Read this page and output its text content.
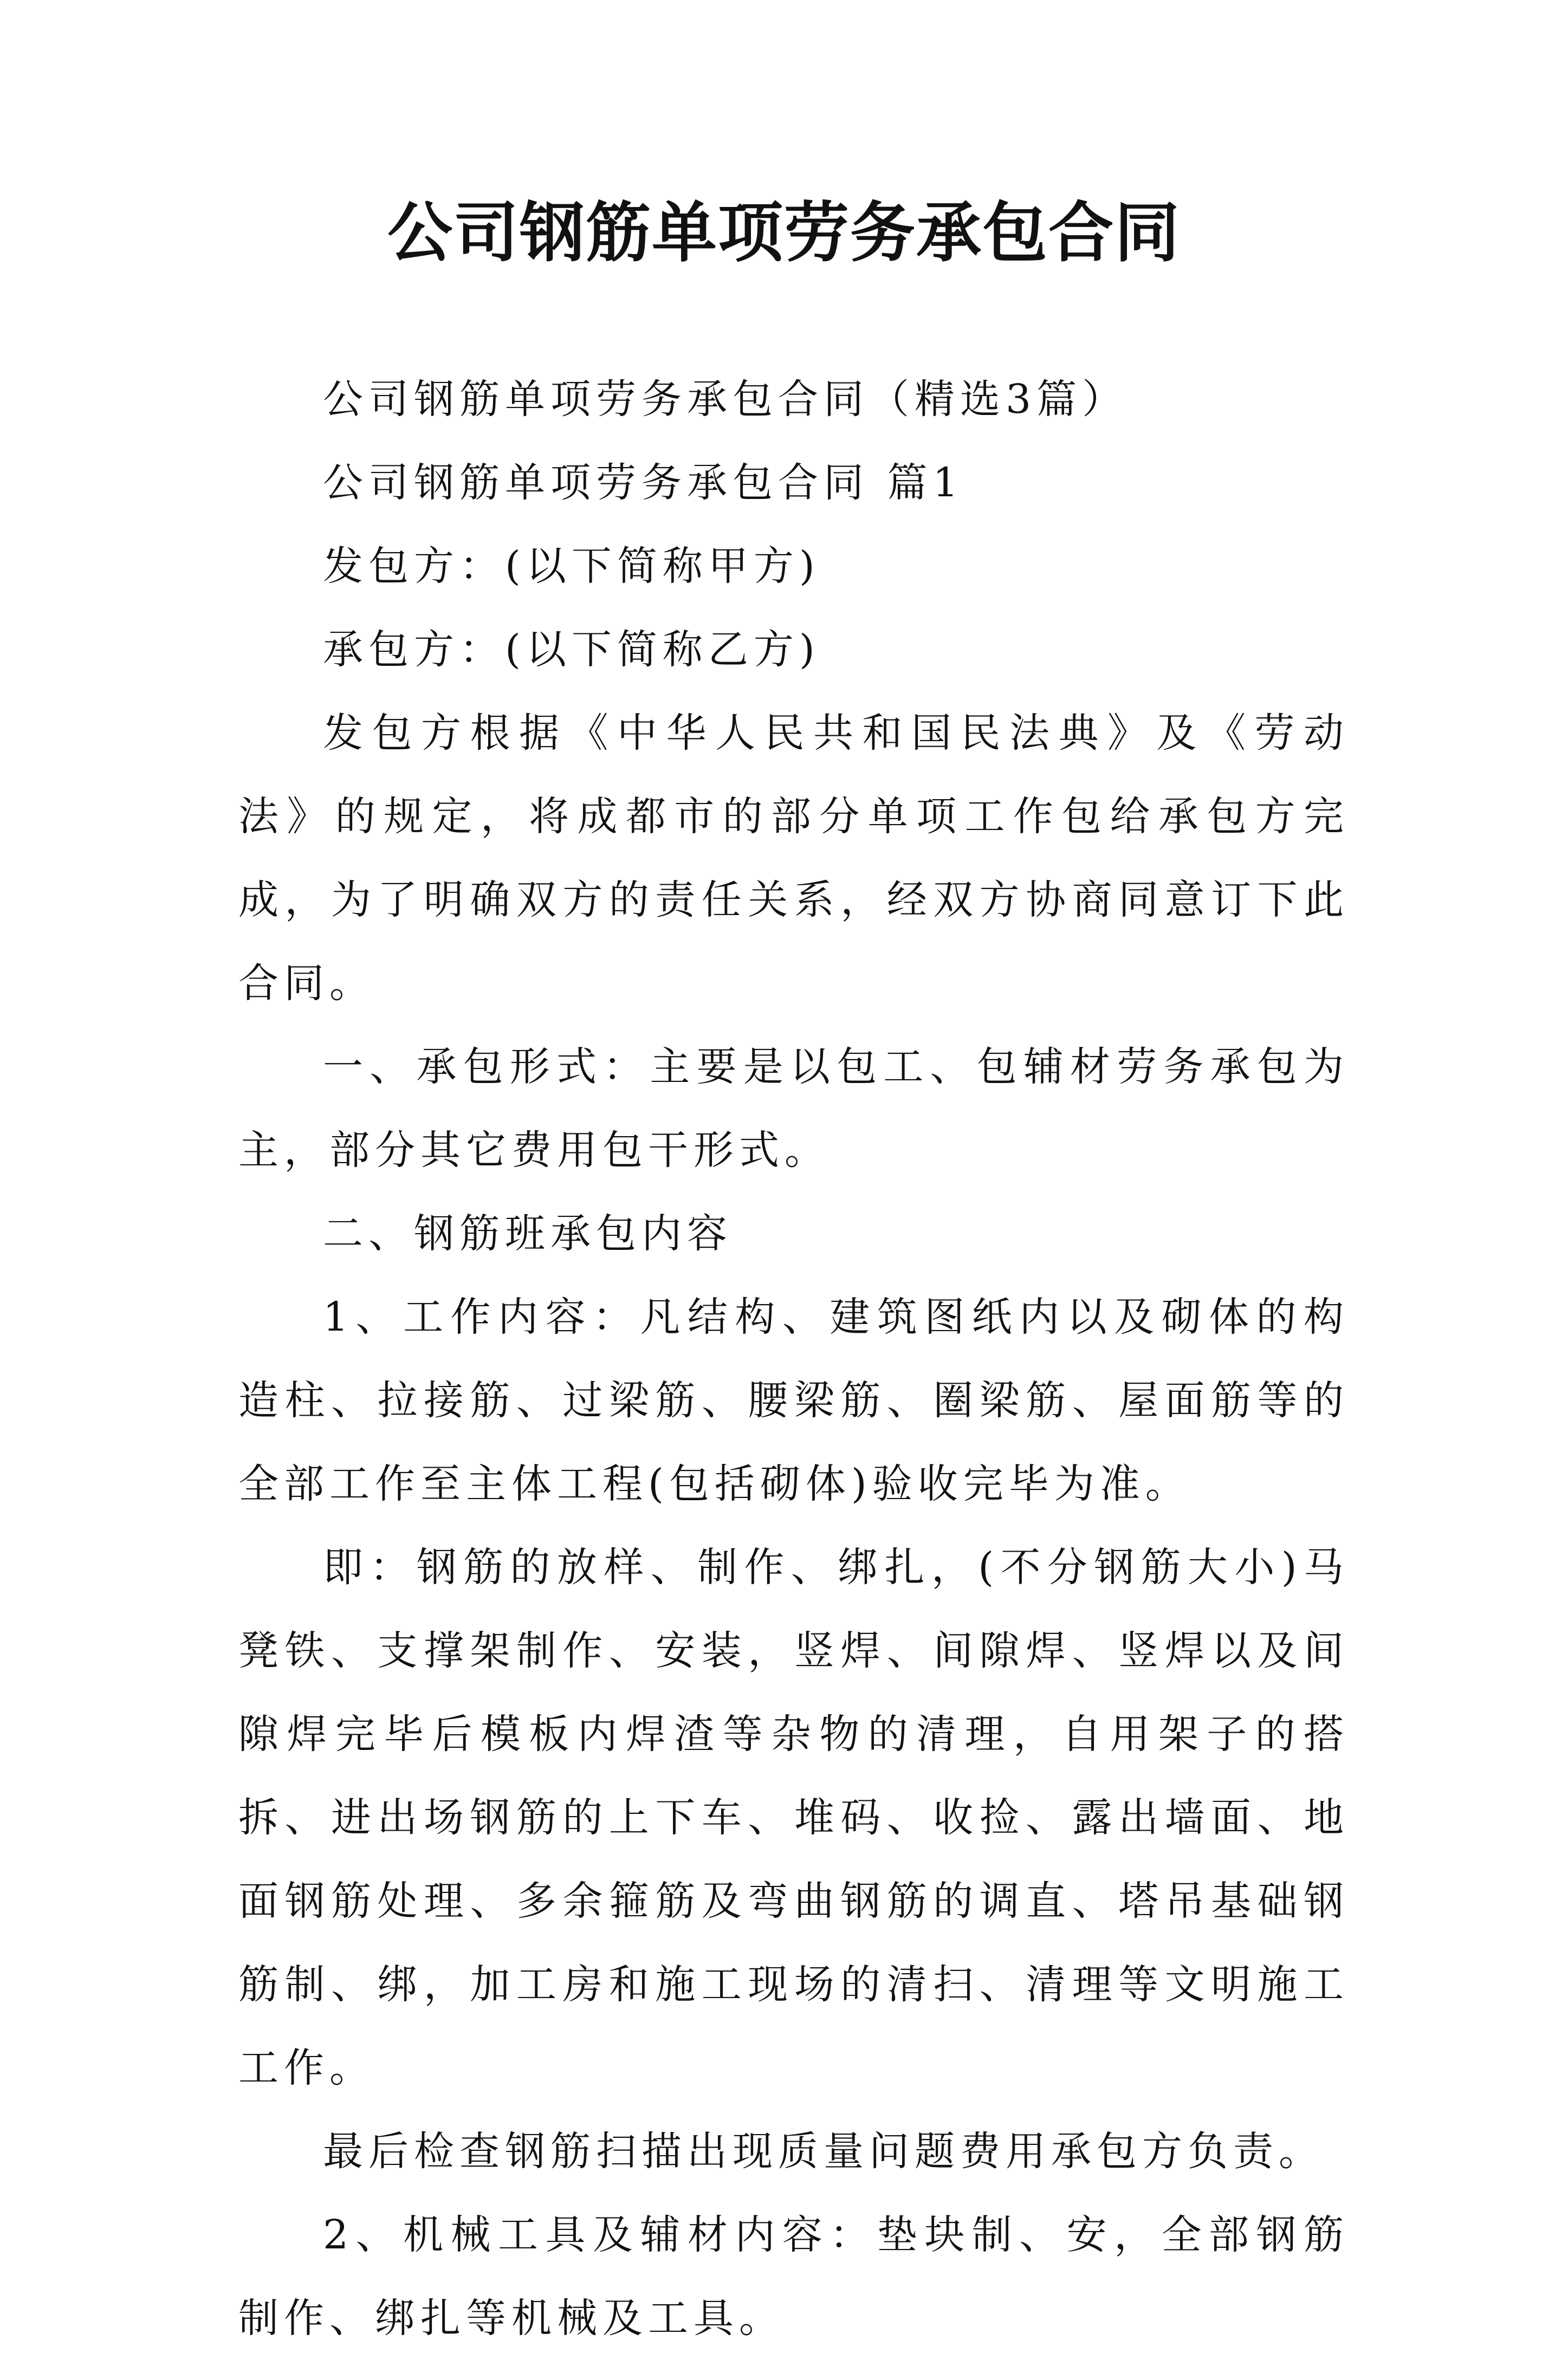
公司钢筋单项劳务承包合同

公司钢筋单项劳务承包合同（精选3篇）

公司钢筋单项劳务承包合同 篇1

发包方：(以下简称甲方)

承包方：(以下简称乙方)

发包方根据《中华人民共和国民法典》及《劳动法》的规定，将成都市的部分单项工作包给承包方完成，为了明确双方的责任关系，经双方协商同意订下此合同。

一、承包形式：主要是以包工、包辅材劳务承包为主，部分其它费用包干形式。

二、钢筋班承包内容

1、工作内容：凡结构、建筑图纸内以及砌体的构造柱、拉接筋、过梁筋、腰梁筋、圈梁筋、屋面筋等的全部工作至主体工程(包括砌体)验收完毕为准。

即：钢筋的放样、制作、绑扎，(不分钢筋大小)马凳铁、支撑架制作、安装，竖焊、间隙焊、竖焊以及间隙焊完毕后模板内焊渣等杂物的清理，自用架子的搭拆、进出场钢筋的上下车、堆码、收捡、露出墙面、地面钢筋处理、多余箍筋及弯曲钢筋的调直、塔吊基础钢筋制、绑，加工房和施工现场的清扫、清理等文明施工工作。

最后检查钢筋扫描出现质量问题费用承包方负责。

2、机械工具及辅材内容：垫块制、安，全部钢筋制作、绑扎等机械及工具。
